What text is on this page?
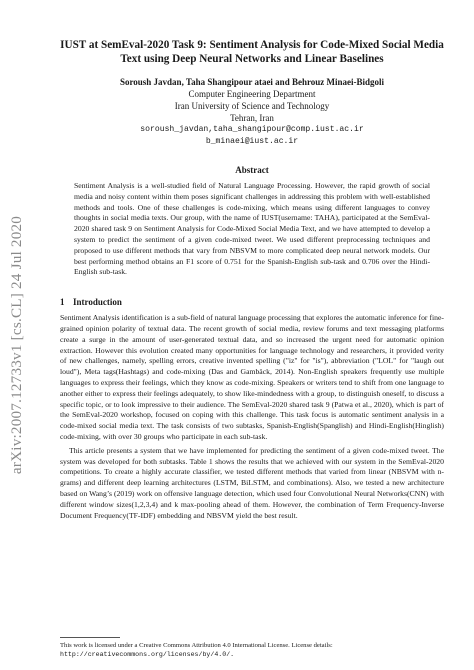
arXiv:2007.12733v1 [cs.CL] 24 Jul 2020
IUST at SemEval-2020 Task 9: Sentiment Analysis for Code-Mixed Social Media Text using Deep Neural Networks and Linear Baselines
Soroush Javdan, Taha Shangipour ataei and Behrouz Minaei-Bidgoli
Computer Engineering Department
Iran University of Science and Technology
Tehran, Iran
soroush_javdan,taha_shangipour@comp.iust.ac.ir
b_minaei@iust.ac.ir
Abstract

Sentiment Analysis is a well-studied field of Natural Language Processing. However, the rapid growth of social media and noisy content within them poses significant challenges in addressing this problem with well-established methods and tools. One of these challenges is code-mixing, which means using different languages to convey thoughts in social media texts. Our group, with the name of IUST(username: TAHA), participated at the SemEval-2020 shared task 9 on Sentiment Analysis for Code-Mixed Social Media Text, and we have attempted to develop a system to predict the sentiment of a given code-mixed tweet. We used different preprocessing techniques and proposed to use different methods that vary from NBSVM to more complicated deep neural network models. Our best performing method obtains an F1 score of 0.751 for the Spanish-English sub-task and 0.706 over the Hindi-English sub-task.

1 Introduction

Sentiment Analysis identification is a sub-field of natural language processing that explores the automatic inference for fine-grained opinion polarity of textual data. The recent growth of social media, review forums and text messaging platforms create a surge in the amount of user-generated textual data, and so increased the urgent need for automatic opinion extraction. However this evolution created many opportunities for language technology and researchers, it provided verity of new challenges, namely, spelling errors, creative invented spelling ("iz" for "is"), abbreviation ("LOL" for "laugh out loud"), Meta tags(Hashtags) and code-mixing (Das and Gambäck, 2014). Non-English speakers frequently use multiple languages to express their feelings, which they know as code-mixing. Speakers or writers tend to shift from one language to another either to express their feelings adequately, to show like-mindedness with a group, to distinguish oneself, to discuss a specific topic, or to look impressive to their audience. The SemEval-2020 shared task 9 (Patwa et al., 2020), which is part of the SemEval-2020 workshop, focused on coping with this challenge. This task focus is automatic sentiment analysis in a code-mixed social media text. The task consists of two subtasks, Spanish-English(Spanglish) and Hindi-English(Hinglish) code-mixing, with over 30 groups who participate in each sub-task.

This article presents a system that we have implemented for predicting the sentiment of a given code-mixed tweet. The system was developed for both subtasks. Table 1 shows the results that we achieved with our system in the SemEval-2020 competitions. To create a highly accurate classifier, we tested different methods that varied from linear (NBSVM with n-grams) and different deep learning architectures (LSTM, BiLSTM, and combinations). Also, we tested a new architecture based on Wang’s (2019) work on offensive language detection, which used four Convolutional Neural Networks(CNN) with different window sizes(1,2,3,4) and k max-pooling ahead of them. However, the combination of Term Frequency-Inverse Document Frequency(TF-IDF) embedding and NBSVM yield the best result.

This work is licensed under a Creative Commons Attribution 4.0 International License. License details: http://creativecommons.org/licenses/by/4.0/.
